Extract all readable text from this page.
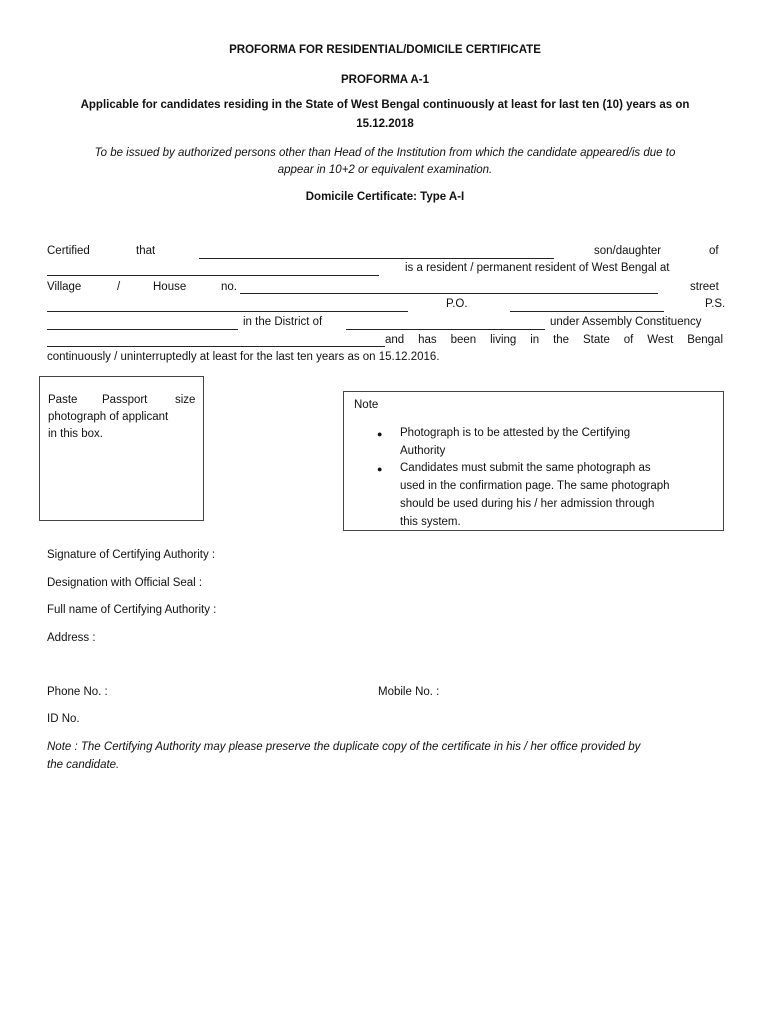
PROFORMA FOR RESIDENTIAL/DOMICILE CERTIFICATE
PROFORMA A-1
Applicable for candidates residing in the State of West Bengal continuously at least for last ten (10) years as on
15.12.2018
To be issued by authorized persons other than Head of the Institution from which the candidate appeared/is due to
appear in 10+2 or equivalent examination.
Domicile Certificate: Type A-I
Certified	that	son/daughter	of
is a resident / permanent resident of West Bengal at
Village	/	House	no.	street
P.O.	P.S.
in the District of	under Assembly Constituency
and has been living in the State of West Bengal
continuously / uninterruptedly at least for the last ten years as on 15.12.2016.
Paste Passport size
photograph of applicant
in this box.
Note
● Photograph is to be attested by the Certifying
Authority
● Candidates must submit the same photograph as
used in the confirmation page. The same photograph
should be used during his / her admission through
this system.
Signature of Certifying Authority :
Designation with Official Seal :
Full name of Certifying Authority :
Address :
Phone No. :	Mobile No. :
ID No.
Note : The Certifying Authority may please preserve the duplicate copy of the certificate in his / her office provided by
the candidate.
